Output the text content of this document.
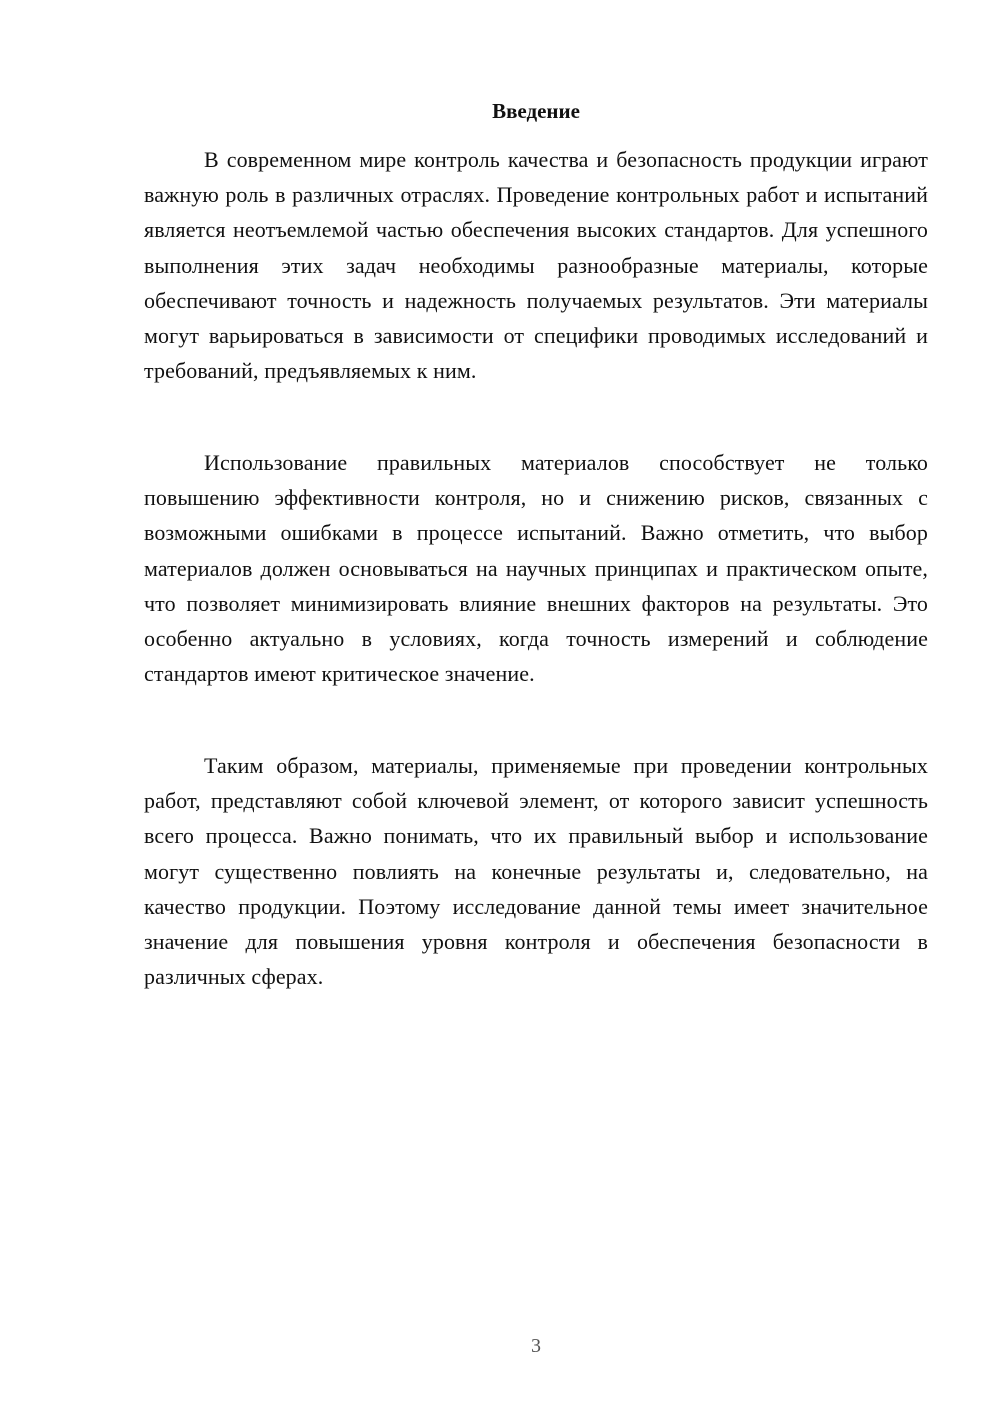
Введение

В современном мире контроль качества и безопасность продукции играют важную роль в различных отраслях. Проведение контрольных работ и испытаний является неотъемлемой частью обеспечения высоких стандартов. Для успешного выполнения этих задач необходимы разнообразные материалы, которые обеспечивают точность и надежность получаемых результатов. Эти материалы могут варьироваться в зависимости от специфики проводимых исследований и требований, предъявляемых к ним.

Использование правильных материалов способствует не только повышению эффективности контроля, но и снижению рисков, связанных с возможными ошибками в процессе испытаний. Важно отметить, что выбор материалов должен основываться на научных принципах и практическом опыте, что позволяет минимизировать влияние внешних факторов на результаты. Это особенно актуально в условиях, когда точность измерений и соблюдение стандартов имеют критическое значение.

Таким образом, материалы, применяемые при проведении контрольных работ, представляют собой ключевой элемент, от которого зависит успешность всего процесса. Важно понимать, что их правильный выбор и использование могут существенно повлиять на конечные результаты и, следовательно, на качество продукции. Поэтому исследование данной темы имеет значительное значение для повышения уровня контроля и обеспечения безопасности в различных сферах.

3
